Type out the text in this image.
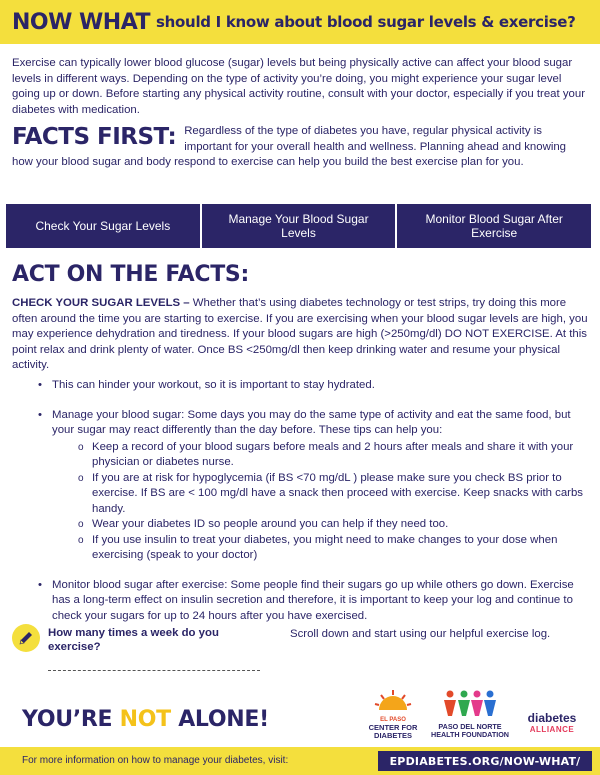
NOW WHAT should I know about blood sugar levels & exercise?

Exercise can typically lower blood glucose (sugar) levels but being physically active can affect your blood sugar levels in different ways. Depending on the type of activity you’re doing, you might experience your sugar level going up or down. Before starting any physical activity routine, consult with your doctor, especially if you treat your diabetes with medication.

FACTS FIRST: Regardless of the type of diabetes you have, regular physical activity is important for your overall health and wellness. Planning ahead and knowing how your blood sugar and body respond to exercise can help you build the best exercise plan for you.
Check Your Sugar Levels	Manage Your Blood Sugar Levels
Monitor Blood Sugar After Exercise
ACT ON THE FACTS:

CHECK YOUR SUGAR LEVELS – Whether that’s using diabetes technology or test strips, try doing this more often around the time you are starting to exercise. If you are exercising when your blood sugar levels are high, you may experience dehydration and tiredness. If your blood sugars are high (>250mg/dl) DO NOT EXERCISE. At this point relax and drink plenty of water. Once BS <250mg/dl then keep drinking water and resume your physical activity.

• This can hinder your workout, so it is important to stay hydrated.
• Manage your blood sugar: Some days you may do the same type of activity and eat the same food, but your sugar may react differently than the day before. These tips can help you:
o Keep a record of your blood sugars before meals and 2 hours after meals and share it with your physician or diabetes nurse.
o If you are at risk for hypoglycemia (if BS <70 mg/dL ) please make sure you check BS prior to exercise. If BS are < 100 mg/dl have a snack then proceed with exercise. Keep snacks with carbs handy.
o Wear your diabetes ID so people around you can help if they need too.
o If you use insulin to treat your diabetes, you might need to make changes to your dose when exercising (speak to your doctor)
• Monitor blood sugar after exercise: Some people find their sugars go up while others go down. Exercise has a long-term effect on insulin secretion and therefore, it is important to keep your log and continue to check your sugars for up to 24 hours after you have exercised.
How many times a week do you exercise?
Scroll down and start using our helpful exercise log.
YOU’RE NOT ALONE!	EL PASO
CENTER FOR
DIABETES
PASO DEL NORTE
HEALTH FOUNDATION
diabetes
ALLIANCE
For more information on how to manage your diabetes, visit:	EPDIABETES.ORG/NOW-WHAT/
